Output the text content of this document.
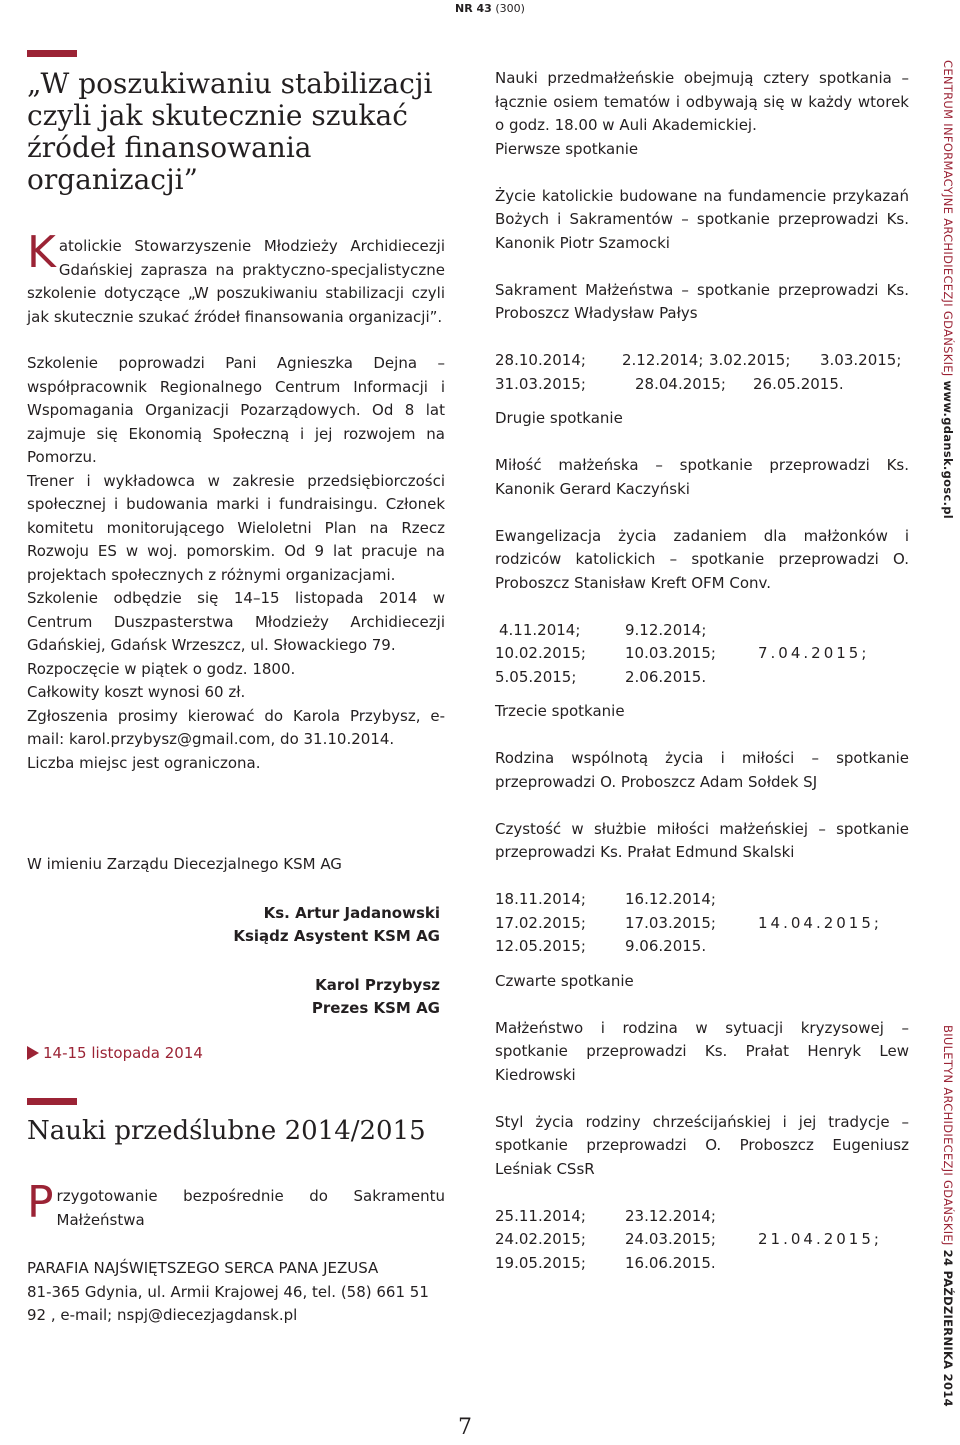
NR 43 (300)
„W poszukiwaniu stabilizacji czyli jak skutecznie szukać źródeł finansowania organizacji”

Katolickie Stowarzyszenie Młodzieży Archidiecezji Gdańskiej zaprasza na praktyczno-specjalistyczne szkolenie dotyczące „W poszukiwaniu stabilizacji czyli jak skutecznie szukać źródeł finansowania organizacji”.

Szkolenie poprowadzi Pani Agnieszka Dejna – współpracownik Regionalnego Centrum Informacji i Wspomagania Organizacji Pozarządowych. Od 8 lat zajmuje się Ekonomią Społeczną i jej rozwojem na Pomorzu.

Trener i wykładowca w zakresie przedsiębiorczości społecznej i budowania marki i fundraisingu. Członek komitetu monitorującego Wieloletni Plan na Rzecz Rozwoju ES w woj. pomorskim. Od 9 lat pracuje na projektach społecznych z różnymi organizacjami.

Szkolenie odbędzie się 14–15 listopada 2014 w Centrum Duszpasterstwa Młodzieży Archidiecezji Gdańskiej, Gdańsk Wrzeszcz, ul. Słowackiego 79.

Rozpoczęcie w piątek o godz. 1800.

Całkowity koszt wynosi 60 zł.

Zgłoszenia prosimy kierować do Karola Przybysz, e-mail: karol.przybysz@gmail.com, do 31.10.2014.

Liczba miejsc jest ograniczona.

W imieniu Zarządu Diecezjalnego KSM AG
Ks. Artur Jadanowski
Ksiądz Asystent KSM AG
Karol Przybysz
Prezes KSM AG
14-15 listopada 2014
Nauki przedślubne 2014/2015

Przygotowanie bezpośrednie do Sakramentu Małżeństwa

PARAFIA NAJŚWIĘTSZEGO SERCA PANA JEZUSA
81-365 Gdynia, ul. Armii Krajowej 46, tel. (58) 661 51 92 , e-mail; nspj@diecezjagdansk.pl
Nauki przedmałżeńskie obejmują cztery spotkania – łącznie osiem tematów i odbywają się w każdy wtorek o godz. 18.00 w Auli Akademickiej.
Pierwsze spotkanie
Życie katolickie budowane na fundamencie przykazań Bożych i Sakramentów – spotkanie przeprowadzi Ks. Kanonik Piotr Szamocki
Sakrament Małżeństwa – spotkanie przeprowadzi Ks. Proboszcz Władysław Pałys
28.10.2014; 2.12.2014; 3.02.2015; 3.03.2015;
31.03.2015;	28.04.2015; 26.05.2015.
Drugie spotkanie
Miłość małżeńska – spotkanie przeprowadzi Ks. Kanonik Gerard Kaczyński
Ewangelizacja życia zadaniem dla małżonków i rodziców katolickich – spotkanie przeprowadzi O. Proboszcz Stanisław Kreft OFM Conv.
4.11.2014;	9.12.2014;
10.02.2015;	10.03.2015;	7.04.2015;
5.05.2015;	2.06.2015.
Trzecie spotkanie
Rodzina wspólnotą życia i miłości – spotkanie przeprowadzi O. Proboszcz Adam Sołdek SJ
Czystość w służbie miłości małżeńskiej – spotkanie przeprowadzi Ks. Prałat Edmund Skalski
18.11.2014;	16.12.2014;
17.02.2015;	17.03.2015;	14.04.2015;
12.05.2015;	9.06.2015.
Czwarte spotkanie
Małżeństwo i rodzina w sytuacji kryzysowej – spotkanie przeprowadzi Ks. Prałat Henryk Lew Kiedrowski
Styl życia rodziny chrześcijańskiej i jej tradycje – spotkanie przeprowadzi O. Proboszcz Eugeniusz Leśniak CSsR
25.11.2014;	23.12.2014;
24.02.2015;	24.03.2015;	21.04.2015;
19.05.2015;	16.06.2015.
CENTRUM INFORMACYJNE ARCHIDIECEZJI GDAŃSKIEJ www.gdansk.gosc.pl
BIULETYN ARCHIDIECEZJI GDAŃSKIEJ 24 PAŹDZIERNIKA 2014
7
